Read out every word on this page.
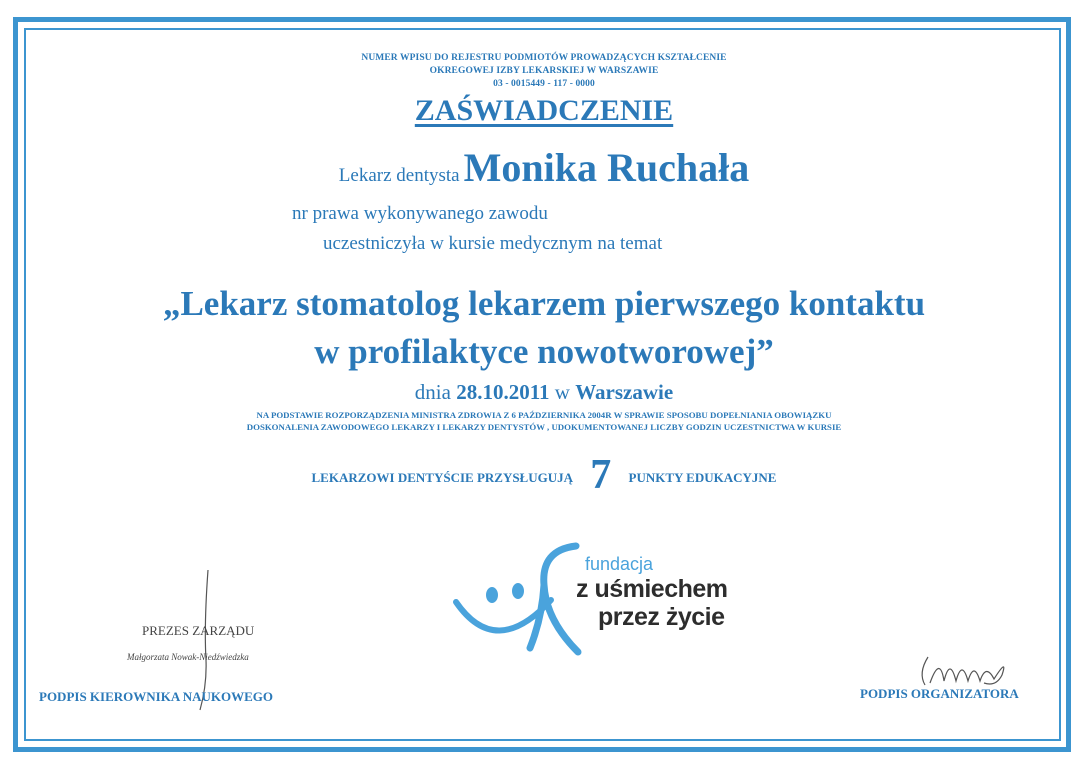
NUMER WPISU DO REJESTRU PODMIOTÓW PROWADZĄCYCH KSZTAŁCENIE
OKREGOWEJ IZBY LEKARSKIEJ W WARSZAWIE
03 - 0015449 - 117 - 0000
ZAŚWIADCZENIE
Lekarz dentysta Monika Ruchała
nr prawa wykonywanego zawodu
uczestniczyła w kursie medycznym na temat
„Lekarz stomatolog lekarzem pierwszego kontaktu
w profilaktyce nowotworowej”
dnia 28.10.2011 w Warszawie
NA PODSTAWIE ROZPORZĄDZENIA MINISTRA ZDROWIA Z 6 PAŹDZIERNIKA 2004R W SPRAWIE SPOSOBU DOPEŁNIANIA OBOWIĄZKU
DOSKONALENIA ZAWODOWEGO LEKARZY I LEKARZY DENTYSTÓW , UDOKUMENTOWANEJ LICZBY GODZIN UCZESTNICTWA W KURSIE
LEKARZOWI DENTYŚCIE PRZYSŁUGUJĄ 7 PUNKTY EDUKACYJNE
fundacja
z uśmiechem
przez życie
PREZES ZARZĄDU
Małgorzata Nowak-Niedźwiedzka
PODPIS KIEROWNIKA NAUKOWEGO	PODPIS ORGANIZATORA
